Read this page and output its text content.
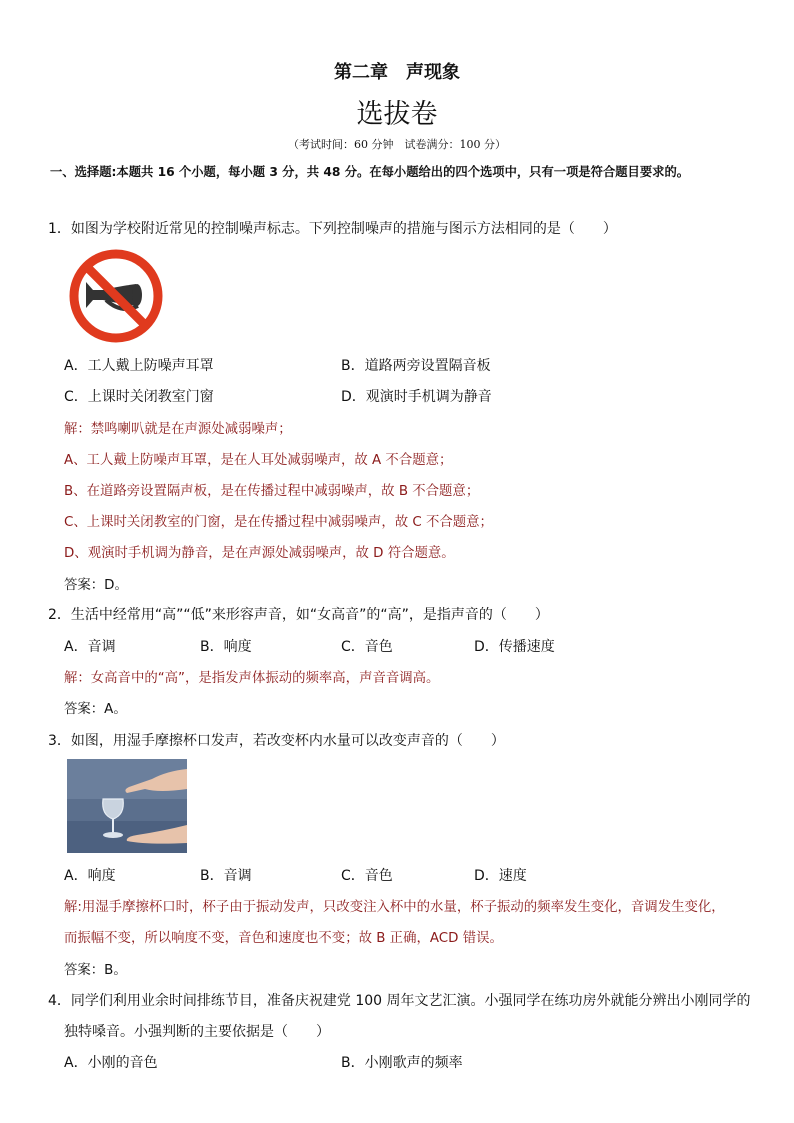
第二章　声现象
选拔卷
（考试时间：60 分钟　试卷满分：100 分）
一、选择题:本题共 16 个小题，每小题 3 分，共 48 分。在每小题给出的四个选项中，只有一项是符合题目要求的。
1．如图为学校附近常见的控制噪声标志。下列控制噪声的措施与图示方法相同的是（　　）
A．工人戴上防噪声耳罩	B．道路两旁设置隔音板
C．上课时关闭教室门窗	D．观演时手机调为静音
解：禁鸣喇叭就是在声源处减弱噪声；
A、工人戴上防噪声耳罩，是在人耳处减弱噪声，故 A 不合题意；
B、在道路旁设置隔声板，是在传播过程中减弱噪声，故 B 不合题意；
C、上课时关闭教室的门窗，是在传播过程中减弱噪声，故 C 不合题意；
D、观演时手机调为静音，是在声源处减弱噪声，故 D 符合题意。
答案：D。
2．生活中经常用“高”“低”来形容声音，如“女高音”的“高”，是指声音的（　　）
A．音调	B．响度	C．音色	D．传播速度
解：女高音中的“高”，是指发声体振动的频率高，声音音调高。
答案：A。
3．如图，用湿手摩擦杯口发声，若改变杯内水量可以改变声音的（　　）
A．响度	B．音调	C．音色	D．速度
解:用湿手摩擦杯口时，杯子由于振动发声，只改变注入杯中的水量，杯子振动的频率发生变化，音调发生变化，
而振幅不变，所以响度不变，音色和速度也不变；故 B 正确，ACD 错误。
答案：B。
4．同学们利用业余时间排练节目，准备庆祝建党 100 周年文艺汇演。小强同学在练功房外就能分辨出小刚同学的
独特嗓音。小强判断的主要依据是（　　）
A．小刚的音色	B．小刚歌声的频率
